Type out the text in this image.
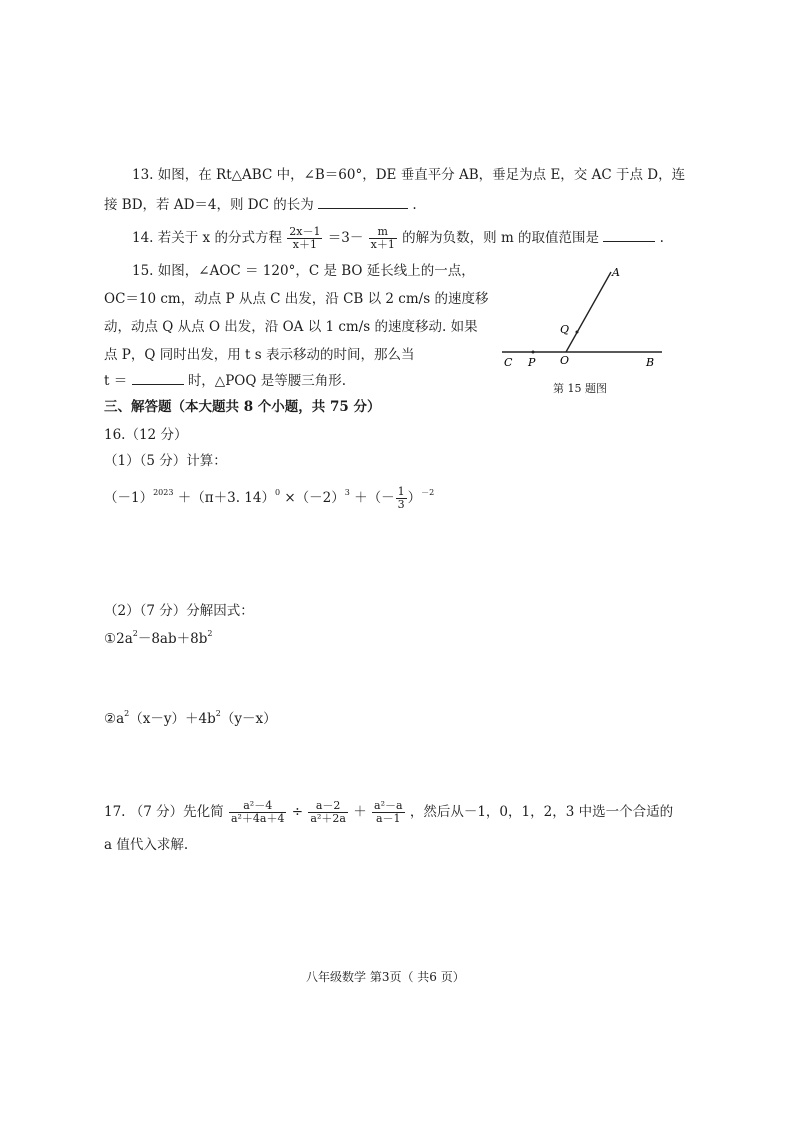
13. 如图，在 Rt△ABC 中，∠B＝60°，DE 垂直平分 AB，垂足为点 E，交 AC 于点 D，连
接 BD，若 AD＝4，则 DC 的长为	.
14. 若关于 x 的分式方程 $\frac{2x-1}{x+1} =3- \frac{m}{x+1}$ 的解为负数，则 m 的取值范围是	.
15. 如图，∠AOC ＝ 120°，C 是 BO 延长线上的一点，
OC＝10 cm，动点 P 从点 C 出发，沿 CB 以 2 cm/s 的速度移
动，动点 Q 从点 O 出发，沿 OA 以 1 cm/s 的速度移动. 如果
点 P，Q 同时出发，用 t s 表示移动的时间，那么当
t ＝	时，△POQ 是等腰三角形.
A
Q
C P O	B
第 15 题图
三、解答题（本大题共 8 个小题，共 75 分）
16.（12 分）
（1）（5 分）计算：
$(-1)^{2023} +(\pi+3$. $14)^0 \times(-2)^3$ ＋（－ $\frac{1}{3} )^{-2}$
（2）（7 分）分解因式：
$①2a^2-8ab+8b^2$
$②a^2(x-y)+4b^2(y-x)$
17. （7 分）先化简 $\frac{\text{a²－4}}{\text{a²＋4a＋4}} \div \frac{a-2}{\text{a²＋2a}} + \frac{\text{a²－a}}{a-1}$ ，然后从－1，0，1，2，3 中选一个合适的
a 值代入求解.
八年级数学 第3页（ 共6 页）
